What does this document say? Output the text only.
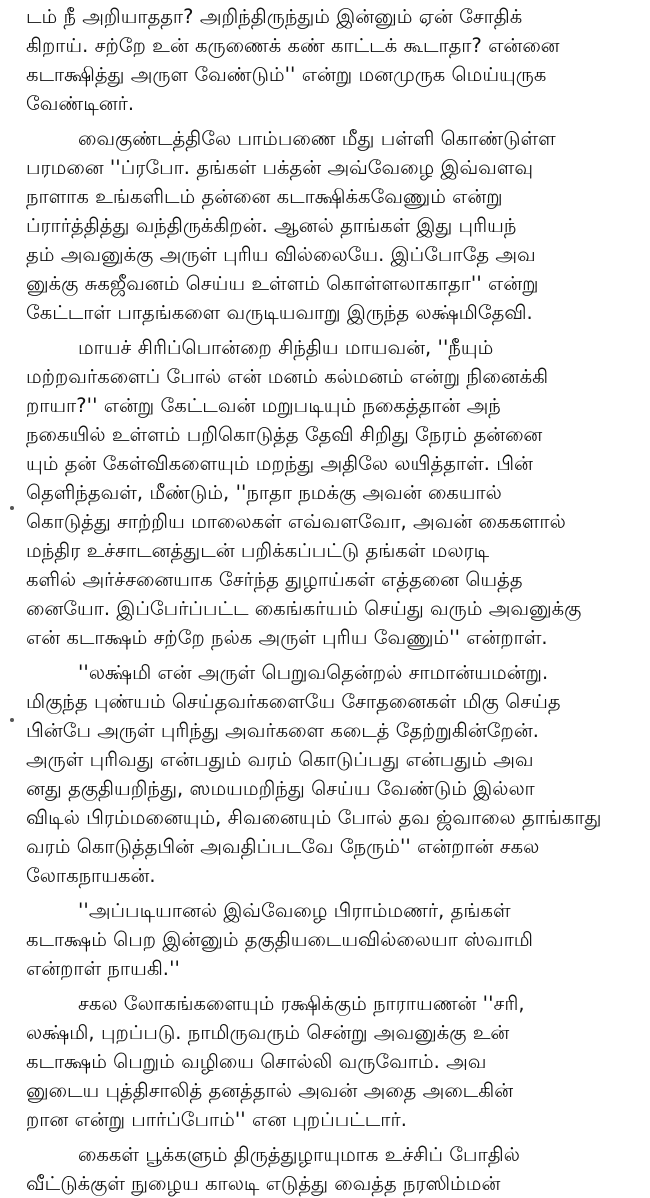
டம் நீ அறியாததா? அறிந்திருந்தும் இன்னும் ஏன் சோதிக்
கிறாய். சற்றே உன் கருணைக் கண் காட்டக் கூடாதா? என்னை
கடாக்ஷித்து அருள வேண்டும்'' என்று மனமுருக மெய்யுருக
வேண்டினர்.
வைகுண்டத்திலே பாம்பணை மீது பள்ளி கொண்டுள்ள
பரமனை ''ப்ரபோ. தங்கள் பக்தன் அவ்வேழை இவ்வளவு
நாளாக உங்களிடம் தன்னை கடாக்ஷிக்கவேணும் என்று
ப்ரார்த்தித்து வந்திருக்கிறன். ஆனல் தாங்கள் இது புரியந்
தம் அவனுக்கு அருள் புரிய வில்லையே. இப்போதே அவ
னுக்கு சுகஜீவனம் செய்ய உள்ளம் கொள்ளலாகாதா'' என்று
கேட்டாள் பாதங்களை வருடியவாறு இருந்த லக்ஷ்மிதேவி.
மாயச் சிரிப்பொன்றை சிந்திய மாயவன், ''நீயும்
மற்றவர்களைப் போல் என் மனம் கல்மனம் என்று நினைக்கி
றாயா?'' என்று கேட்டவன் மறுபடியும் நகைத்தான் அந்
நகையில் உள்ளம் பறிகொடுத்த தேவி சிறிது நேரம் தன்னை
யும் தன் கேள்விகளையும் மறந்து அதிலே லயித்தாள். பின்
தெளிந்தவள், மீண்டும், ''நாதா நமக்கு அவன் கையால்
கொடுத்து சாற்றிய மாலைகள் எவ்வளவோ, அவன் கைகளால்
மந்திர உச்சாடனத்துடன் பறிக்கப்பட்டு தங்கள் மலரடி
களில் அர்ச்சனையாக சேர்ந்த துழாய்கள் எத்தனை யெத்த
னையோ. இப்பேர்ப்பட்ட கைங்கர்யம் செய்து வரும் அவனுக்கு
என் கடாக்ஷம் சற்றே நல்க அருள் புரிய வேணும்'' என்றாள்.
''லக்ஷ்மி என் அருள் பெறுவதென்றல் சாமான்யமன்று.
மிகுந்த புண்யம் செய்தவர்களையே சோதனைகள் மிகு செய்த
பின்பே அருள் புரிந்து அவர்களை கடைத் தேற்றுகின்றேன்.
அருள் புரிவது என்பதும் வரம் கொடுப்பது என்பதும் அவ
னது தகுதியறிந்து, ஸமயமறிந்து செய்ய வேண்டும் இல்லா
விடில் பிரம்மனையும், சிவனையும் போல் தவ ஜ்வாலை தாங்காது
வரம் கொடுத்தபின் அவதிப்படவே நேரும்'' என்றான் சகல
லோகநாயகன்.
''அப்படியானல் இவ்வேழை பிராம்மணர், தங்கள்
கடாக்ஷம் பெற இன்னும் தகுதியடையவில்லையா ஸ்வாமி
என்றாள் நாயகி.''
சகல லோகங்களையும் ரக்ஷிக்கும் நாராயணன் ''சரி,
லக்ஷ்மி, புறப்படு. நாமிருவரும் சென்று அவனுக்கு உன்
கடாக்ஷம் பெறும் வழியை சொல்லி வருவோம். அவ
னுடைய புத்திசாலித் தனத்தால் அவன் அதை அடைகின்
றான என்று பார்ப்போம்'' என புறப்பட்டார்.
கைகள் பூக்களும் திருத்துழாயுமாக உச்சிப் போதில்
வீட்டுக்குள் நுழைய காலடி எடுத்து வைத்த நரஸிம்மன்
